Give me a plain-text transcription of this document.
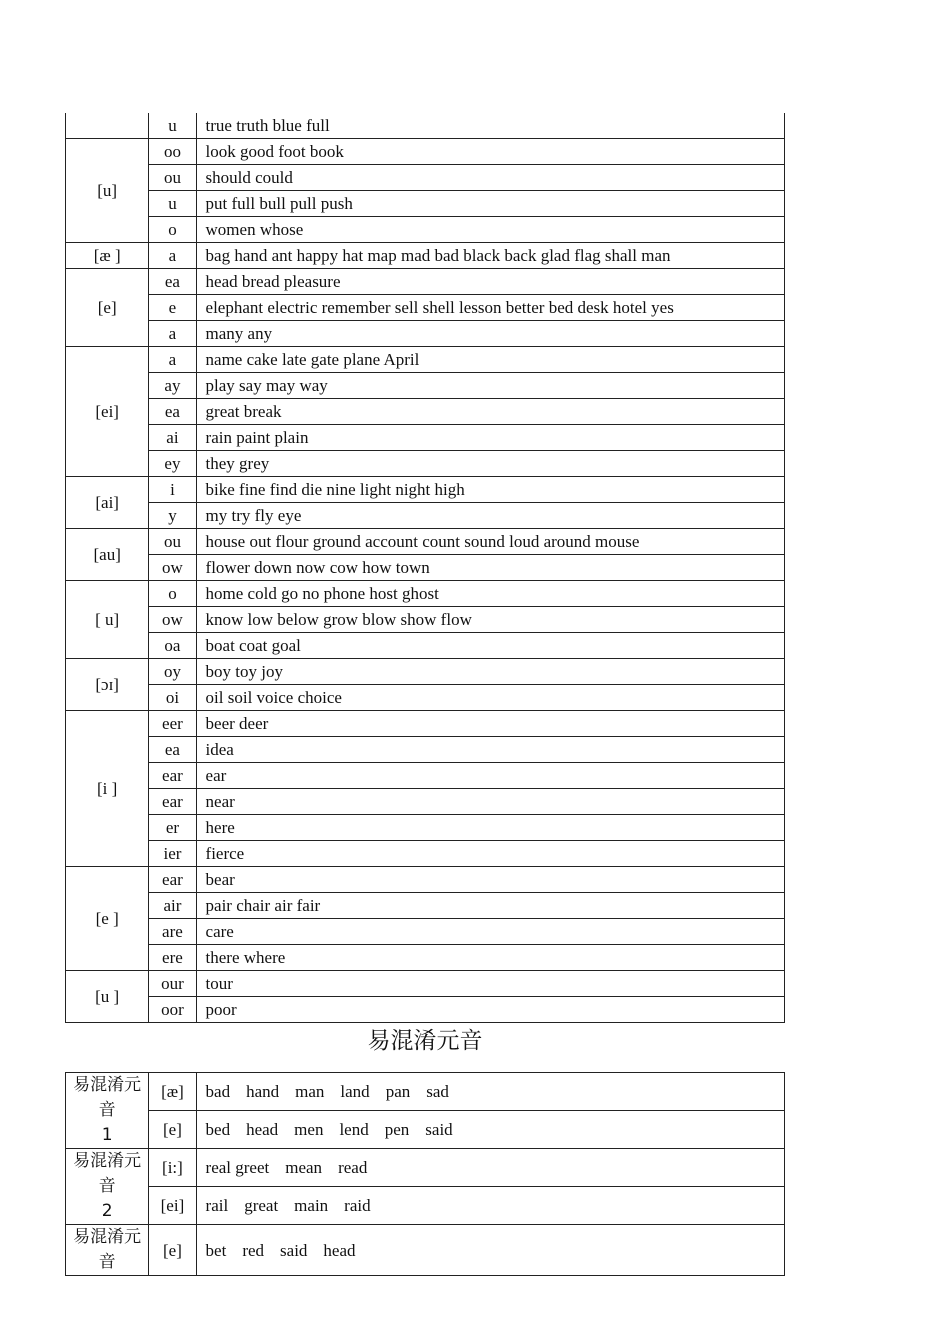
	u	true truth blue full
[u]	oo	look good foot book
	ou	should could
	u	put full bull pull push
	o	women whose
[æ ]	a	bag hand ant happy hat map mad bad black back glad flag shall man
[e]	ea	head bread pleasure
	e	elephant electric remember sell shell lesson better bed desk hotel yes
	a	many any
[ei]	a	name cake late gate plane April
	ay	play say may way
	ea	great break
	ai	rain paint plain
	ey	they grey
[ai]	i	bike fine find die nine light night high
	y	my try fly eye
[au]	ou	house out flour ground account count sound loud around mouse
	ow	flower down now cow how town
[ u]	o	home cold go no phone host ghost
	ow	know low below grow blow show flow
	oa	boat coat goal
[ɔɪ]	oy	boy toy joy
	oi	oil soil voice choice
[i ]	eer	beer deer
	ea	idea
	ear	ear
	ear	near
	er	here
	ier	fierce
[e ]	ear	bear
	air	pair chair air fair
	are	care
	ere	there where
[u ]	our	tour
	oor	poor
易混淆元音
易混淆元音
1	[æ]	bad hand man land pan sad
	[e]	bed head men lend pen said

易混淆元音
2	[i:]	real greet mean read
	[ei]	rail great main raid

易混淆元音	[e]	bet red said head
